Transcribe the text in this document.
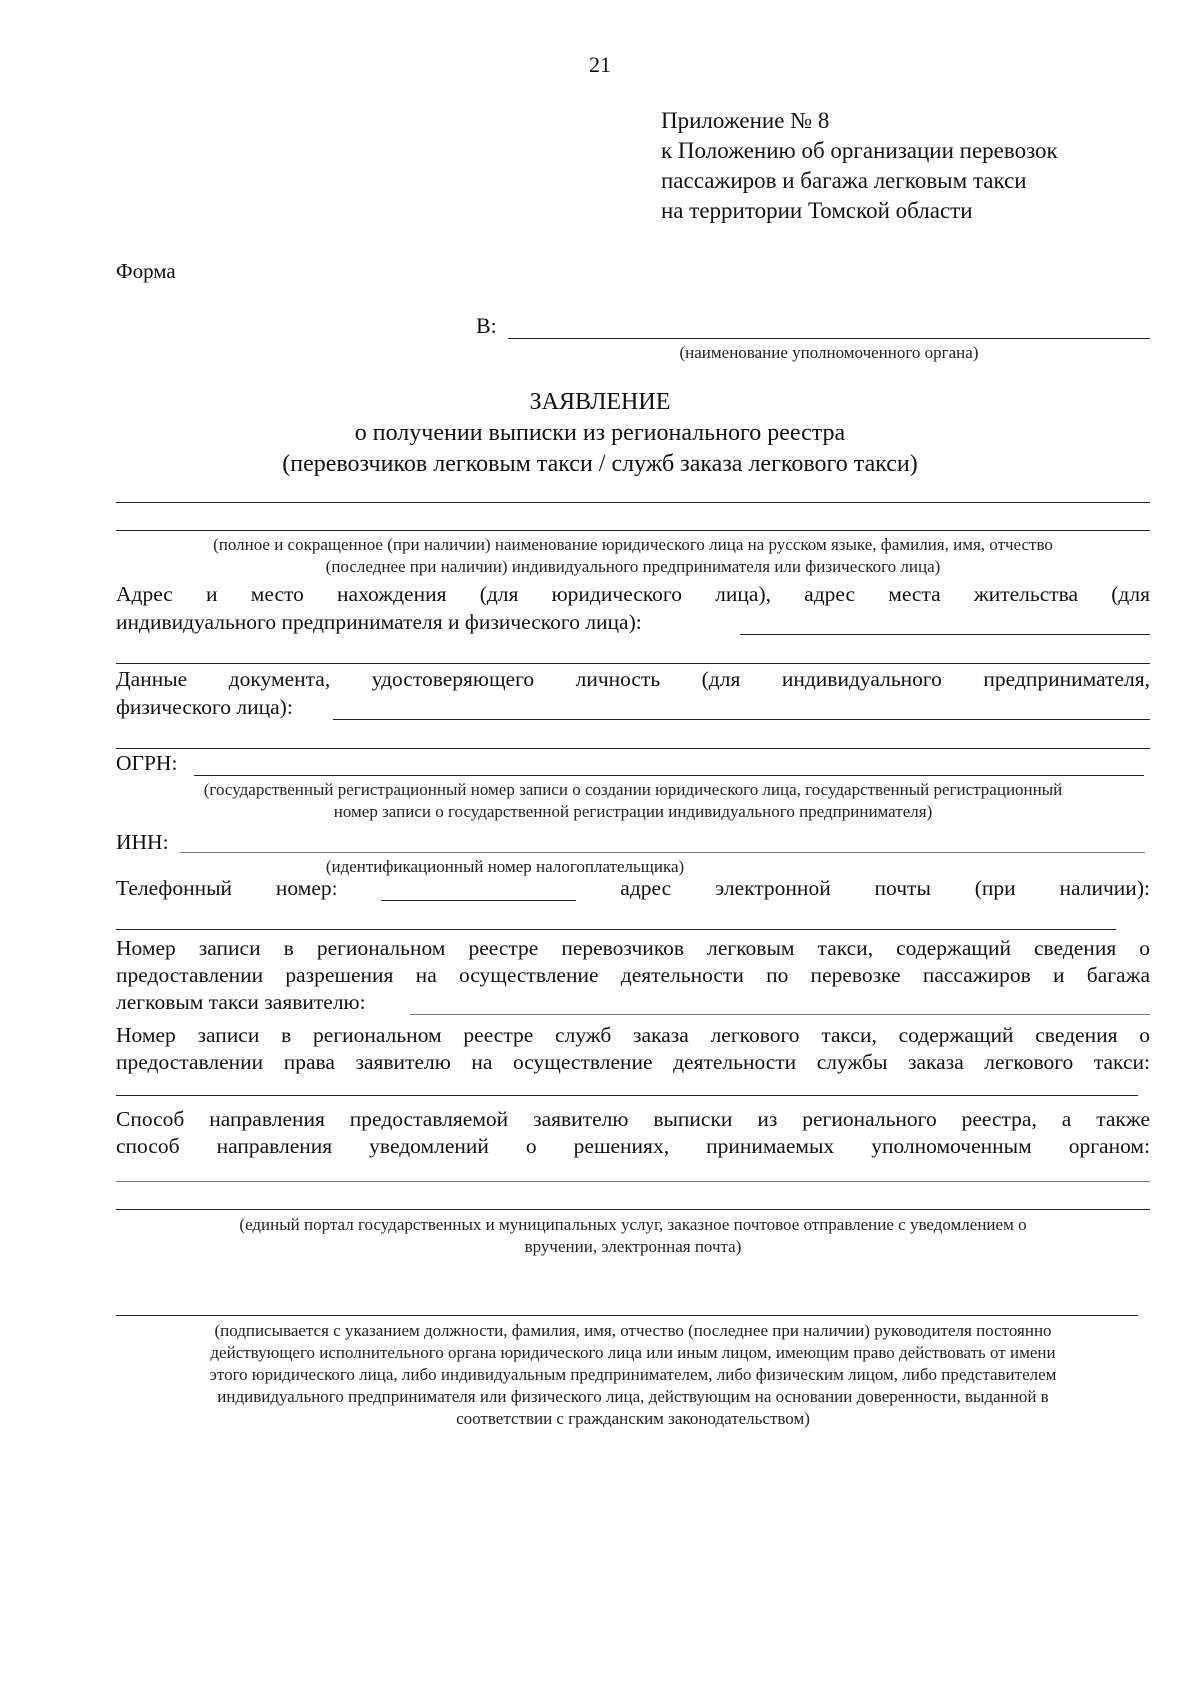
21
Приложение № 8
к Положению об организации перевозок
пассажиров и багажа легковым такси
на территории Томской области
Форма
В:
(наименование уполномоченного органа)
ЗАЯВЛЕНИЕ
о получении выписки из регионального реестра
(перевозчиков легковым такси / служб заказа легкового такси)
(полное и сокращенное (при наличии) наименование юридического лица на русском языке, фамилия, имя, отчество
(последнее при наличии) индивидуального предпринимателя или физического лица)
Адрес и место нахождения (для юридического лица), адрес места жительства (для
индивидуального предпринимателя и физического лица):
Данные документа, удостоверяющего личность (для индивидуального предпринимателя,
физического лица):
ОГРН:
(государственный регистрационный номер записи о создании юридического лица, государственный регистрационный
номер записи о государственной регистрации индивидуального предпринимателя)
ИНН:
(идентификационный номер налогоплательщика)
Телефонный номер:	адрес электронной почты (при наличии):
Номер записи в региональном реестре перевозчиков легковым такси, содержащий сведения о
предоставлении разрешения на осуществление деятельности по перевозке пассажиров и багажа
легковым такси заявителю:
Номер записи в региональном реестре служб заказа легкового такси, содержащий сведения о
предоставлении права заявителю на осуществление деятельности службы заказа легкового такси:
Способ направления предоставляемой заявителю выписки из регионального реестра, а также
способ направления уведомлений о решениях, принимаемых уполномоченным органом:
(единый портал государственных и муниципальных услуг, заказное почтовое отправление с уведомлением о
вручении, электронная почта)
(подписывается с указанием должности, фамилия, имя, отчество (последнее при наличии) руководителя постоянно
действующего исполнительного органа юридического лица или иным лицом, имеющим право действовать от имени
этого юридического лица, либо индивидуальным предпринимателем, либо физическим лицом, либо представителем
индивидуального предпринимателя или физического лица, действующим на основании доверенности, выданной в
соответствии с гражданским законодательством)
